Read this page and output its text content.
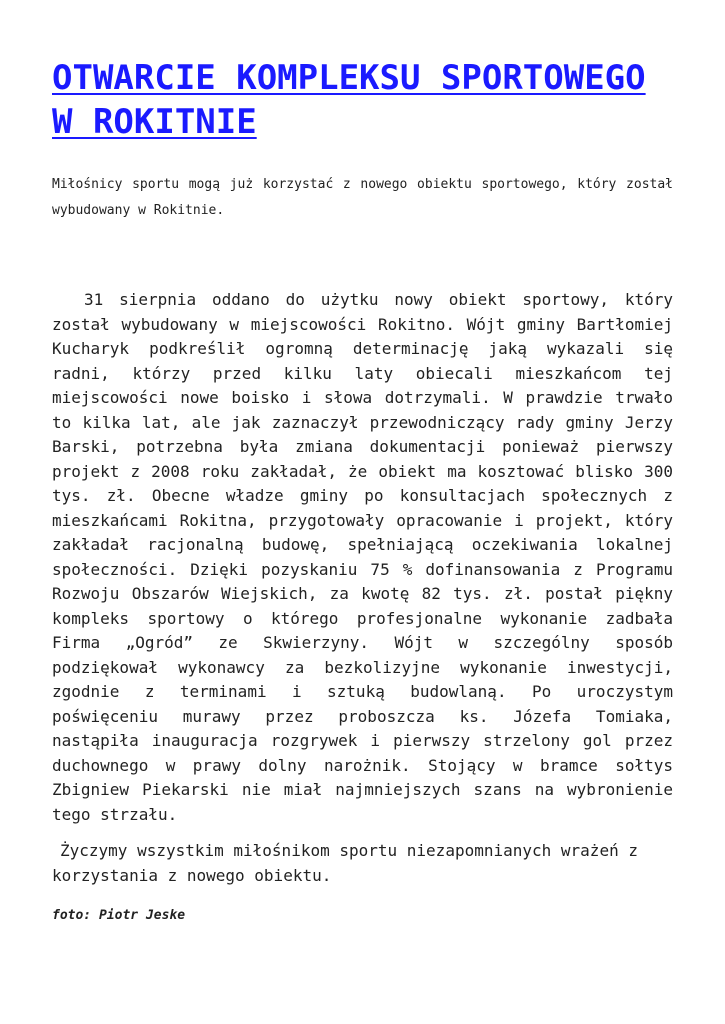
OTWARCIE KOMPLEKSU SPORTOWEGO W ROKITNIE

Miłośnicy sportu mogą już korzystać z nowego obiektu sportowego, który został wybudowany w Rokitnie.

31 sierpnia oddano do użytku nowy obiekt sportowy, który został wybudowany w miejscowości Rokitno. Wójt gminy Bartłomiej Kucharyk podkreślił ogromną determinację jaką wykazali się radni, którzy przed kilku laty obiecali mieszkańcom tej miejscowości nowe boisko i słowa dotrzymali. W prawdzie trwało to kilka lat, ale jak zaznaczył przewodniczący rady gminy Jerzy Barski, potrzebna była zmiana dokumentacji ponieważ pierwszy projekt z 2008 roku zakładał, że obiekt ma kosztować blisko 300 tys. zł. Obecne władze gminy po konsultacjach społecznych z mieszkańcami Rokitna, przygotowały opracowanie i projekt, który zakładał racjonalną budowę, spełniającą oczekiwania lokalnej społeczności. Dzięki pozyskaniu 75 % dofinansowania z Programu Rozwoju Obszarów Wiejskich, za kwotę 82 tys. zł. postał piękny kompleks sportowy o którego profesjonalne wykonanie zadbała Firma „Ogród” ze Skwierzyny. Wójt w szczególny sposób podziękował wykonawcy za bezkolizyjne wykonanie inwestycji, zgodnie z terminami i sztuką budowlaną. Po uroczystym poświęceniu murawy przez proboszcza ks. Józefa Tomiaka, nastąpiła inauguracja rozgrywek i pierwszy strzelony gol przez duchownego w prawy dolny narożnik. Stojący w bramce sołtys Zbigniew Piekarski nie miał najmniejszych szans na wybronienie tego strzału.

Życzymy wszystkim miłośnikom sportu niezapomnianych wrażeń z korzystania z nowego obiektu.

foto: Piotr Jeske
